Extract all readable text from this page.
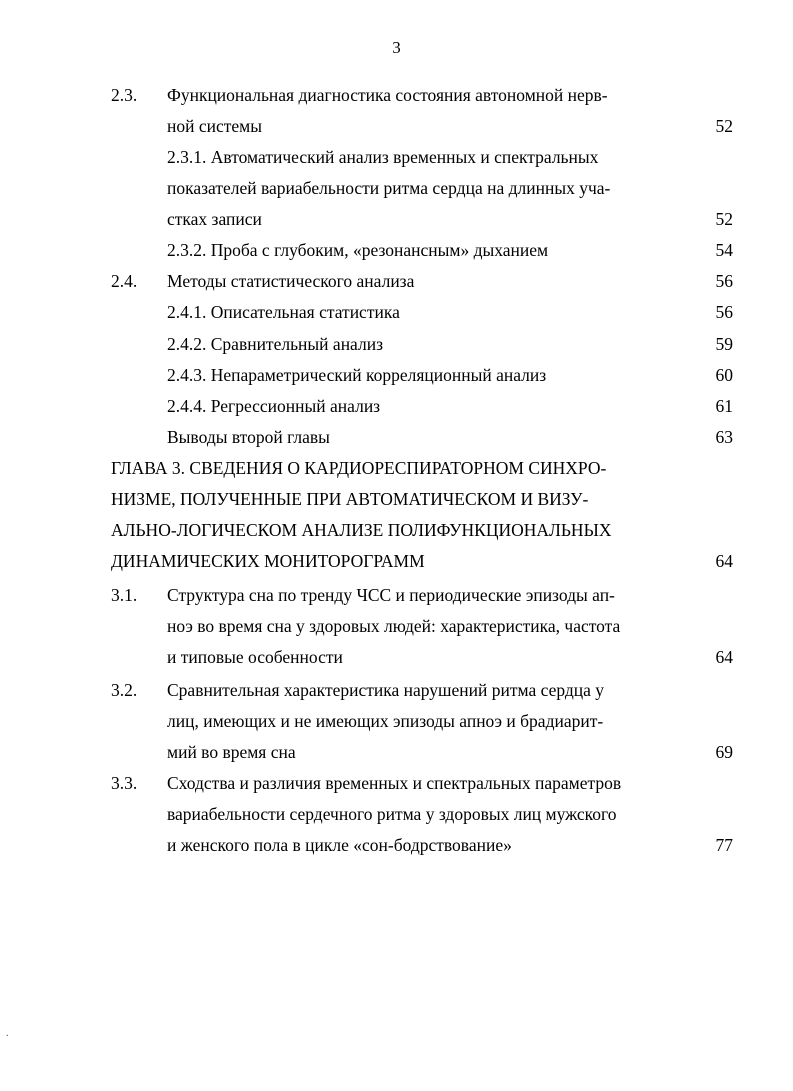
3
2.3. Функциональная диагностика состояния автономной нерв-
ной системы	52
2.3.1. Автоматический анализ временных и спектральных
показателей вариабельности ритма сердца на длинных уча-
стках записи	52
2.3.2. Проба с глубоким, «резонансным» дыханием	54
2.4. Методы статистического анализа	56
2.4.1. Описательная статистика	56
2.4.2. Сравнительный анализ	59
2.4.3. Непараметрический корреляционный анализ	60
2.4.4. Регрессионный анализ	61
Выводы второй главы	63
ГЛАВА 3. СВЕДЕНИЯ О КАРДИОРЕСПИРАТОРНОМ СИНХРО-
НИЗМЕ, ПОЛУЧЕННЫЕ ПРИ АВТОМАТИЧЕСКОМ И ВИЗУ-
АЛЬНО-ЛОГИЧЕСКОМ АНАЛИЗЕ ПОЛИФУНКЦИОНАЛЬНЫХ
ДИНАМИЧЕСКИХ МОНИТОРОГРАММ	64
3.1. Структура сна по тренду ЧСС и периодические эпизоды ап-
ноэ во время сна у здоровых людей: характеристика, частота
и типовые особенности	64
3.2. Сравнительная характеристика нарушений ритма сердца у
лиц, имеющих и не имеющих эпизоды апноэ и брадиарит-
мий во время сна	69
3.3. Сходства и различия временных и спектральных параметров
вариабельности сердечного ритма у здоровых лиц мужского
и женского пола в цикле «сон-бодрствование»	77
.
